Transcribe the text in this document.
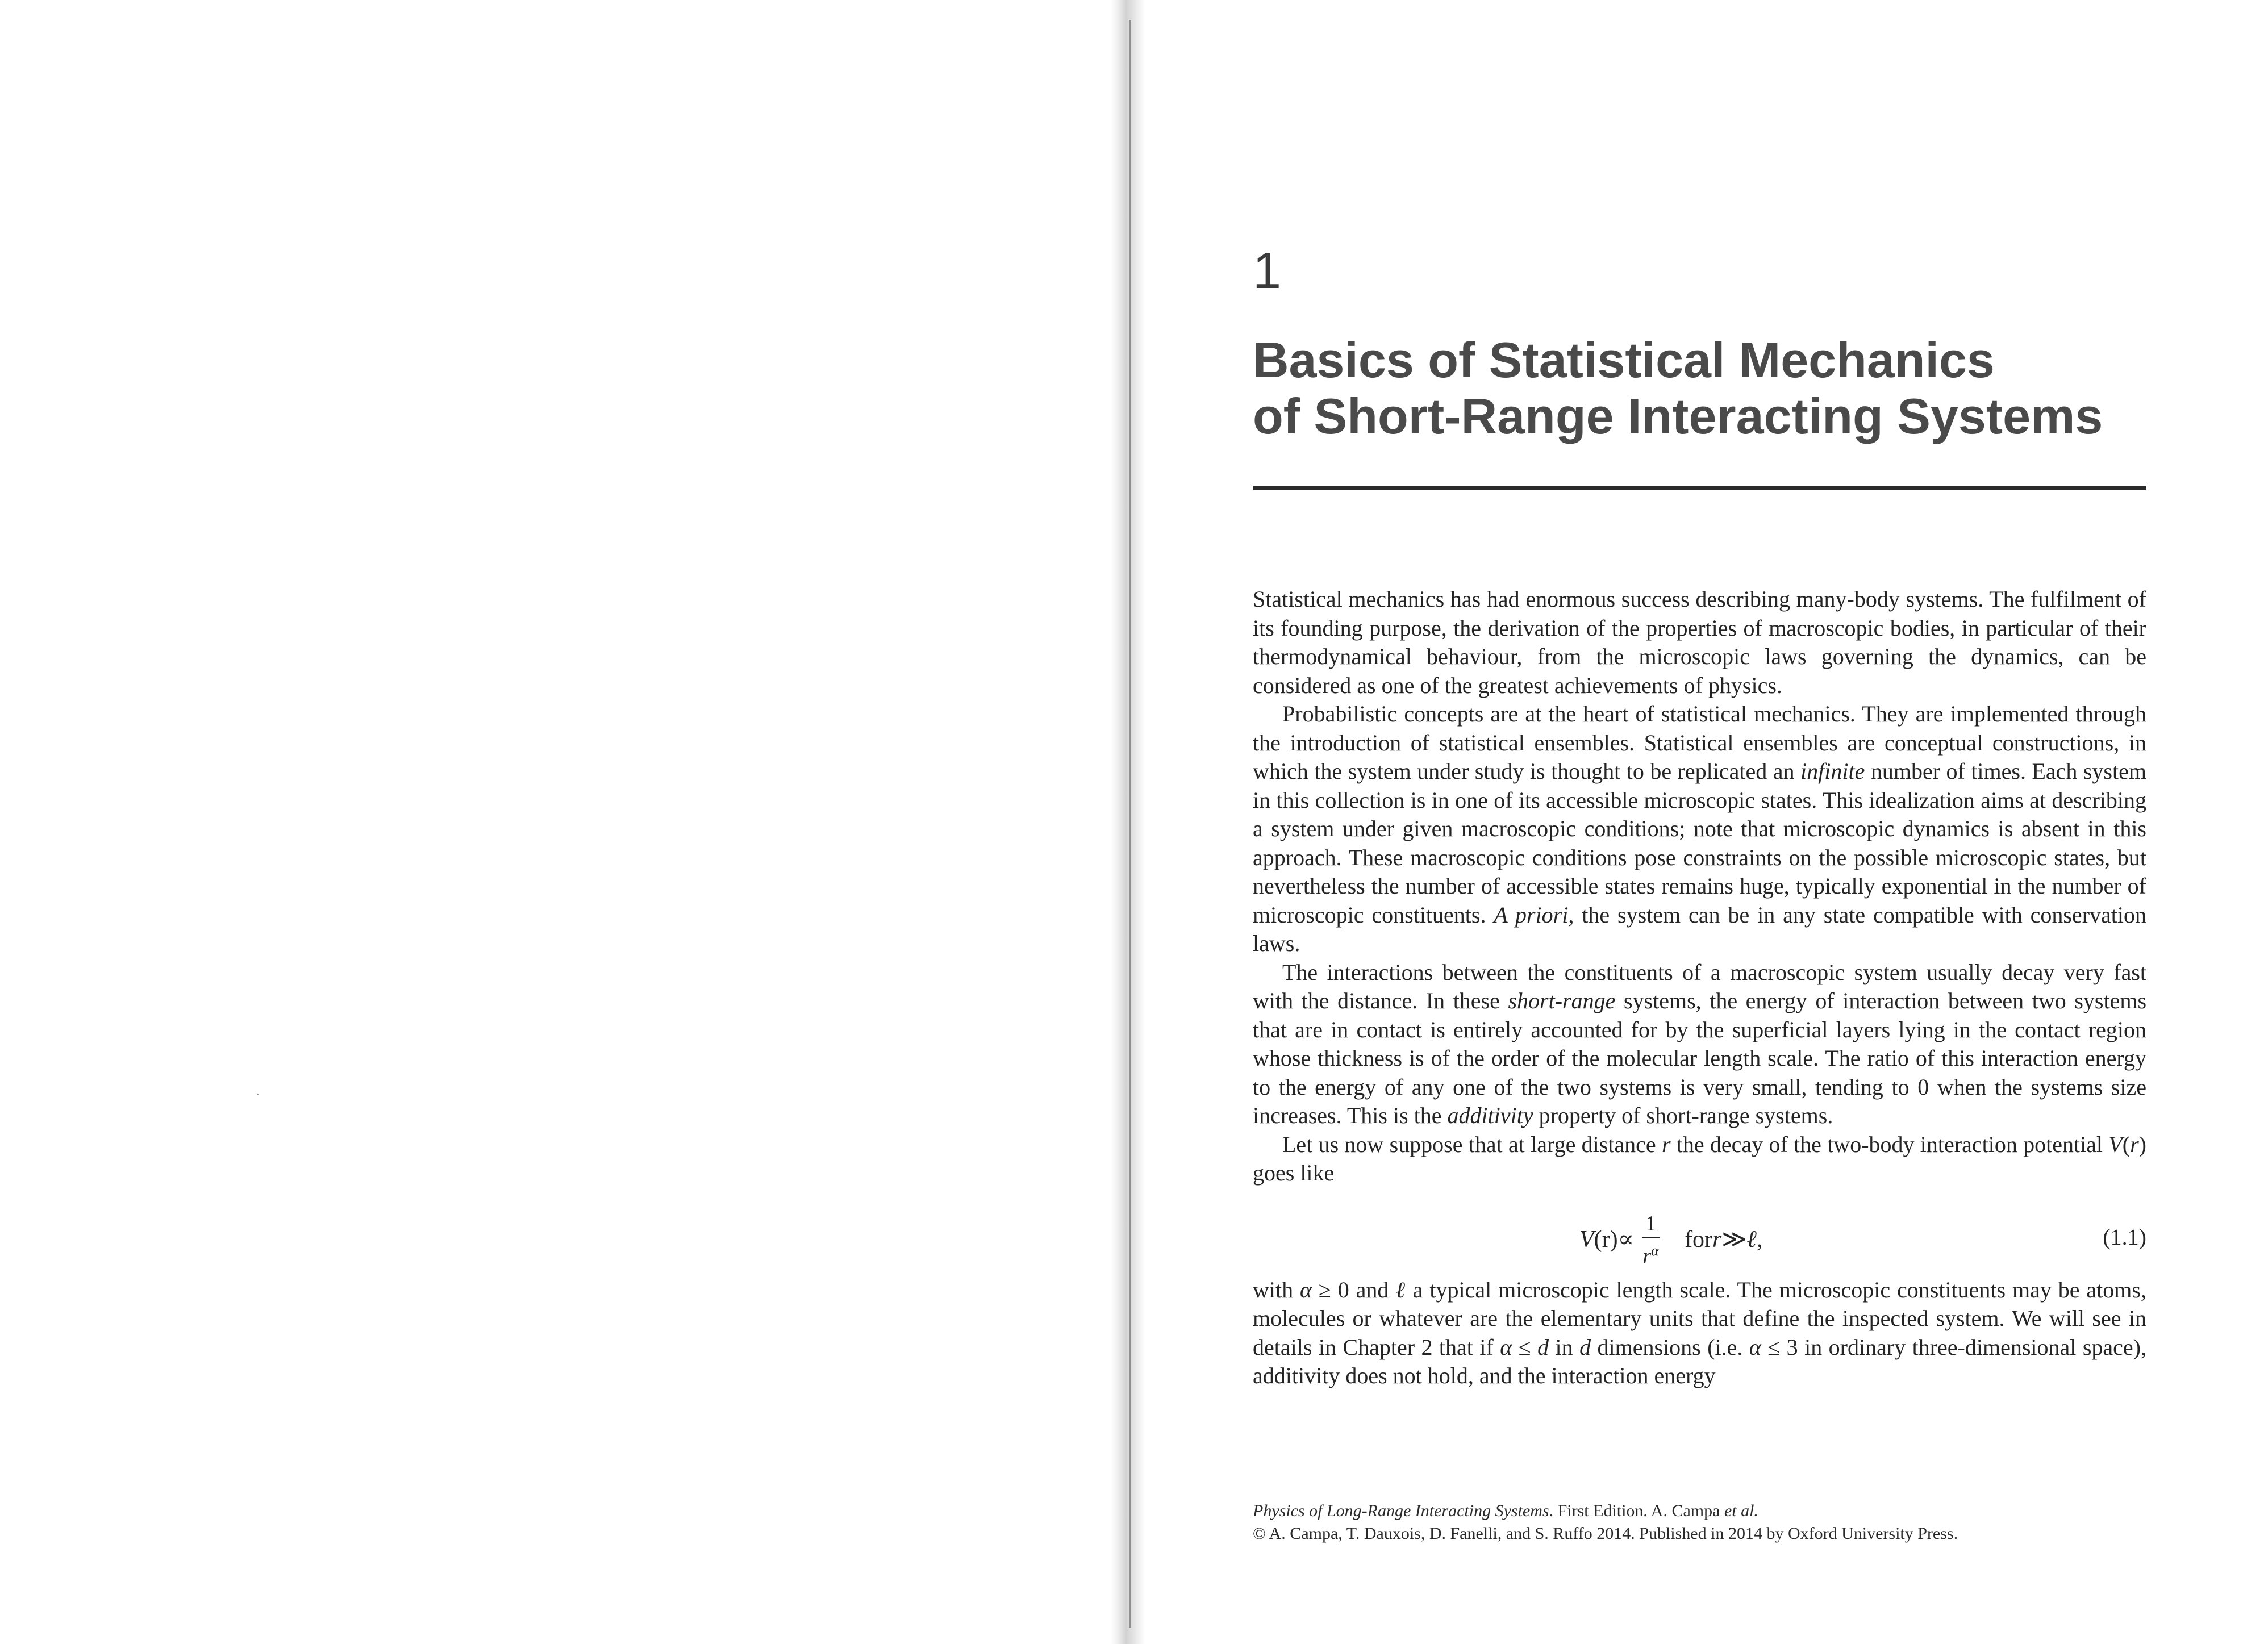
1
Basics of Statistical Mechanics
of Short-Range Interacting Systems

Statistical mechanics has had enormous success describing many-body systems. The fulfilment of its founding purpose, the derivation of the properties of macroscopic bodies, in particular of their thermodynamical behaviour, from the microscopic laws governing the dynamics, can be considered as one of the greatest achievements of physics.

Probabilistic concepts are at the heart of statistical mechanics. They are implemented through the introduction of statistical ensembles. Statistical ensembles are conceptual constructions, in which the system under study is thought to be replicated an infinite number of times. Each system in this collection is in one of its accessible microscopic states. This idealization aims at describing a system under given macroscopic conditions; note that microscopic dynamics is absent in this approach. These macroscopic conditions pose constraints on the possible microscopic states, but nevertheless the number of accessible states remains huge, typically exponential in the number of microscopic constituents. A priori, the system can be in any state compatible with conservation laws.

The interactions between the constituents of a macroscopic system usually decay very fast with the distance. In these short-range systems, the energy of interaction between two systems that are in contact is entirely accounted for by the superficial layers lying in the contact region whose thickness is of the order of the molecular length scale. The ratio of this interaction energy to the energy of any one of the two systems is very small, tending to 0 when the systems size increases. This is the additivity property of short-range systems.

Let us now suppose that at large distance r the decay of the two-body interaction potential V(r) goes like

V $(r) \propto \frac{1}{r^\alpha}$ for r ≫ ℓ ,	(1.1)

with α ≥ 0 and ℓ a typical microscopic length scale. The microscopic constituents may be atoms, molecules or whatever are the elementary units that define the inspected system. We will see in details in Chapter 2 that if α ≤ d in d dimensions (i.e. α ≤ 3 in ordinary three-dimensional space), additivity does not hold, and the interaction energy

Physics of Long-Range Interacting Systems. First Edition. A. Campa et al.
© A. Campa, T. Dauxois, D. Fanelli, and S. Ruffo 2014. Published in 2014 by Oxford University Press.
